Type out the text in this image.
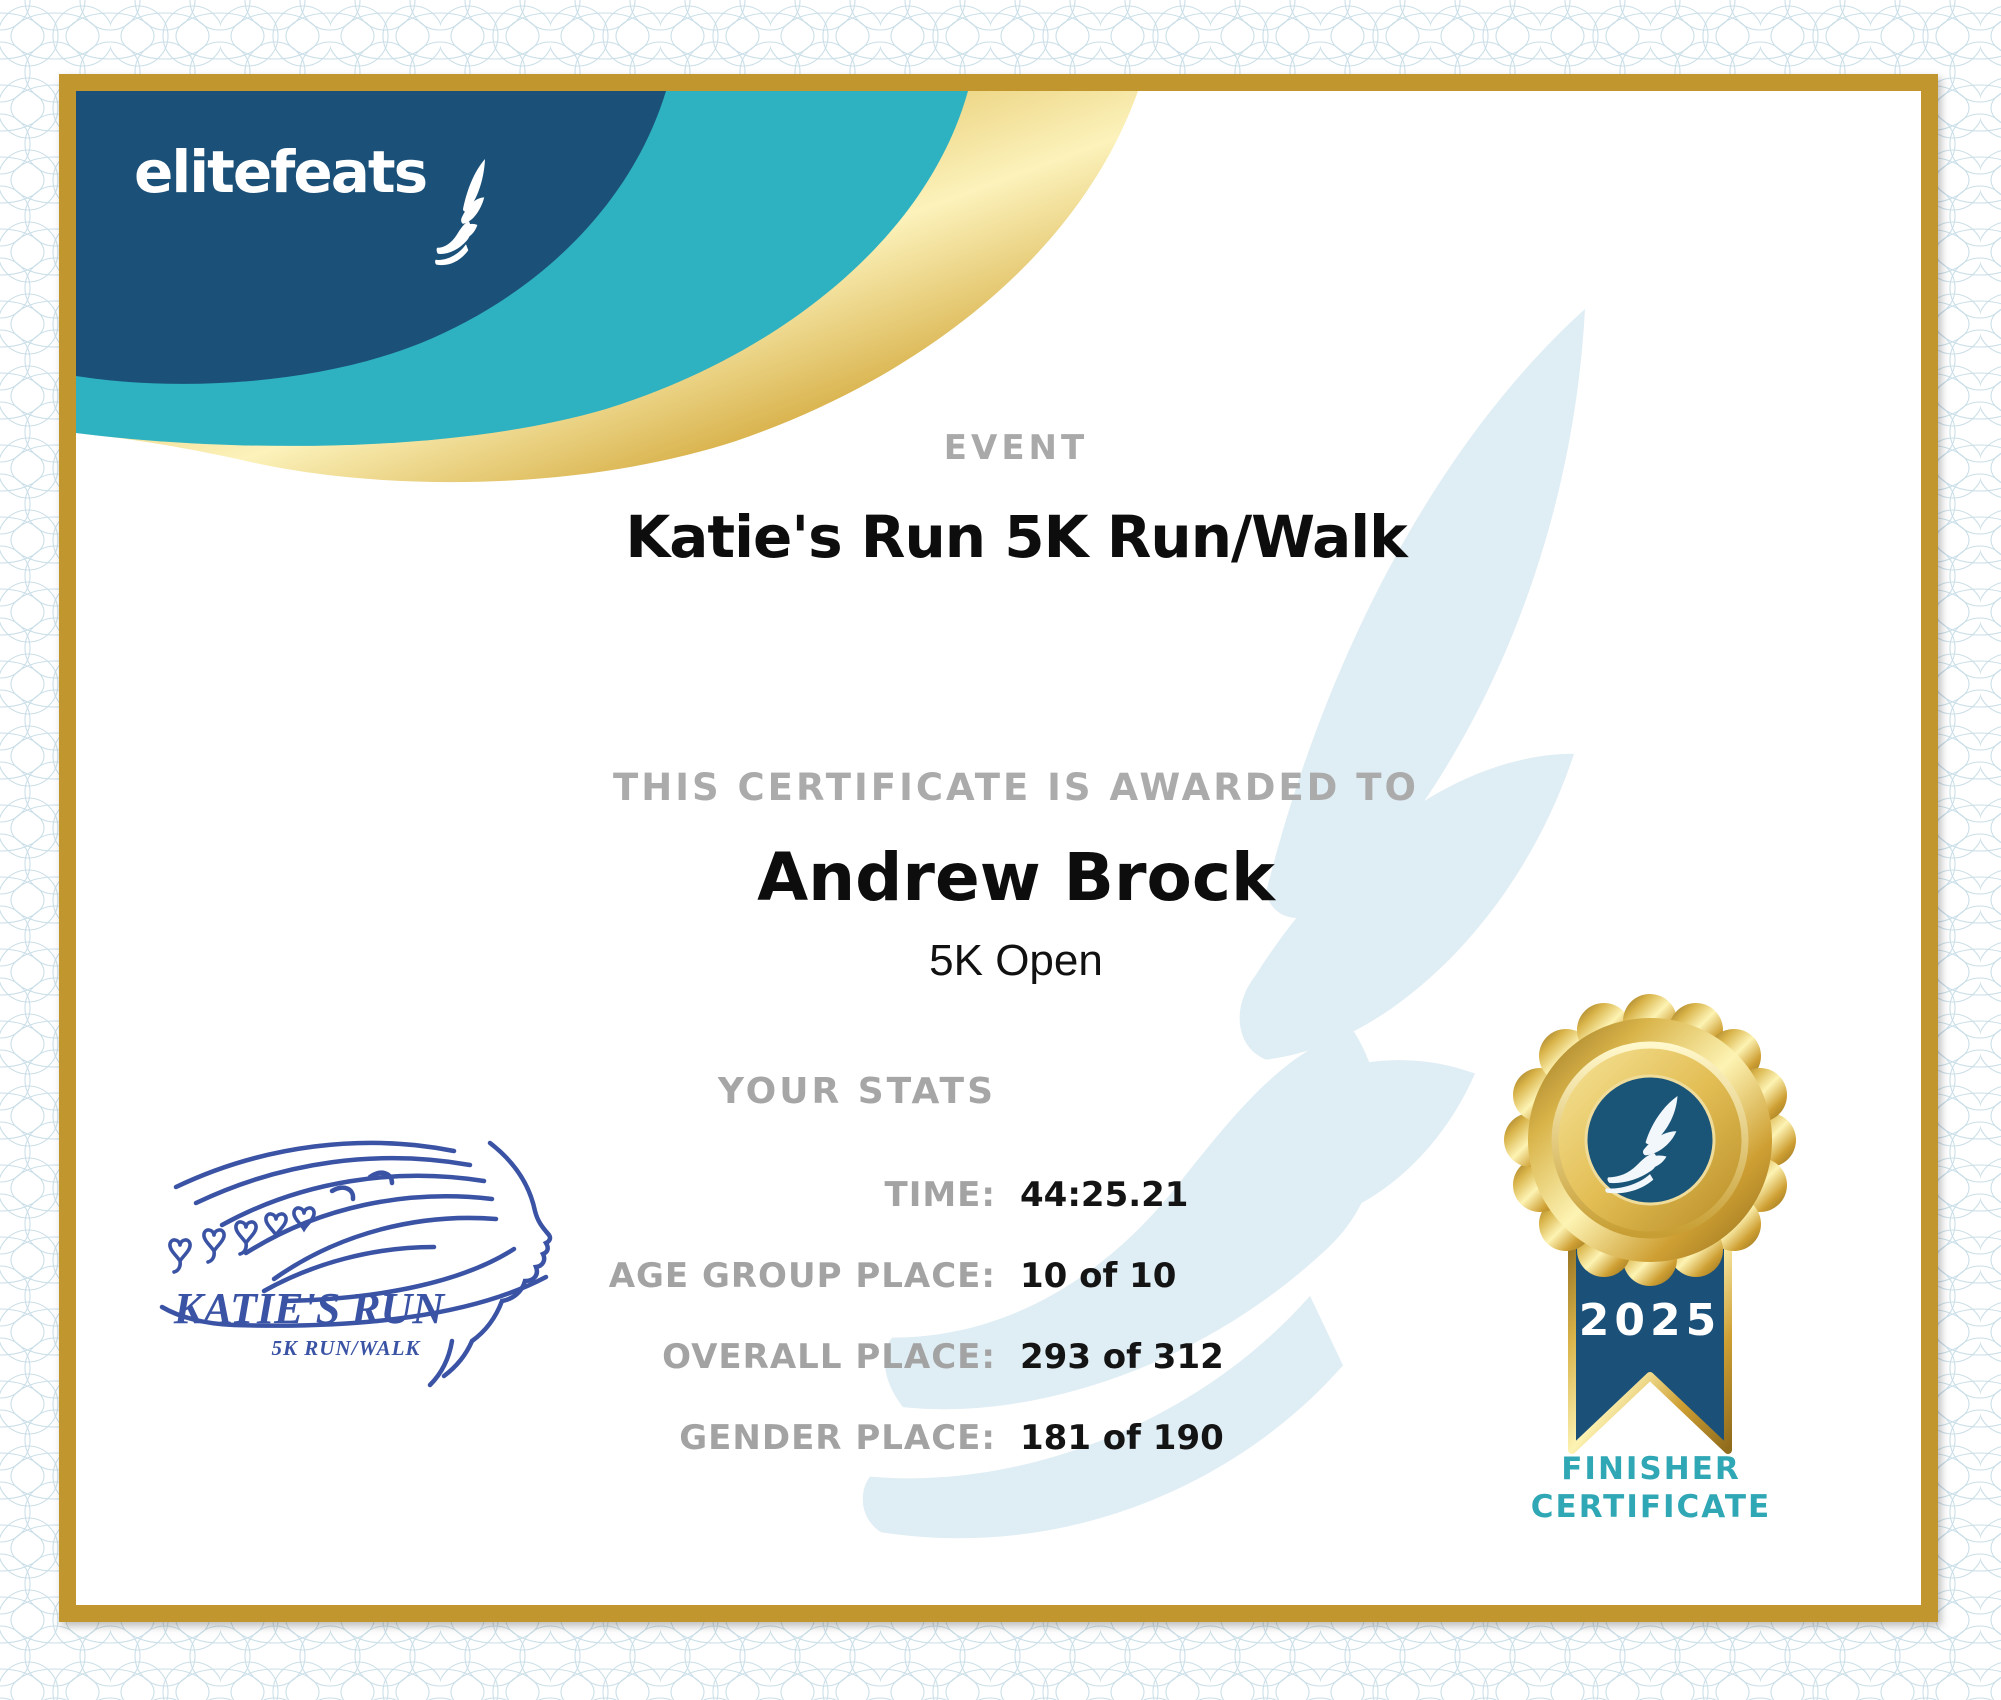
elitefeats
EVENT
Katie's Run 5K Run/Walk
THIS CERTIFICATE IS AWARDED TO
Andrew Brock
5K Open
YOUR STATS
TIME: 44:25.21
AGE GROUP PLACE: 10 of 10
OVERALL PLACE: 293 of 312
GENDER PLACE: 181 of 190
KATIE'S RUN
5K RUN/WALK
2025
FINISHER
CERTIFICATE
